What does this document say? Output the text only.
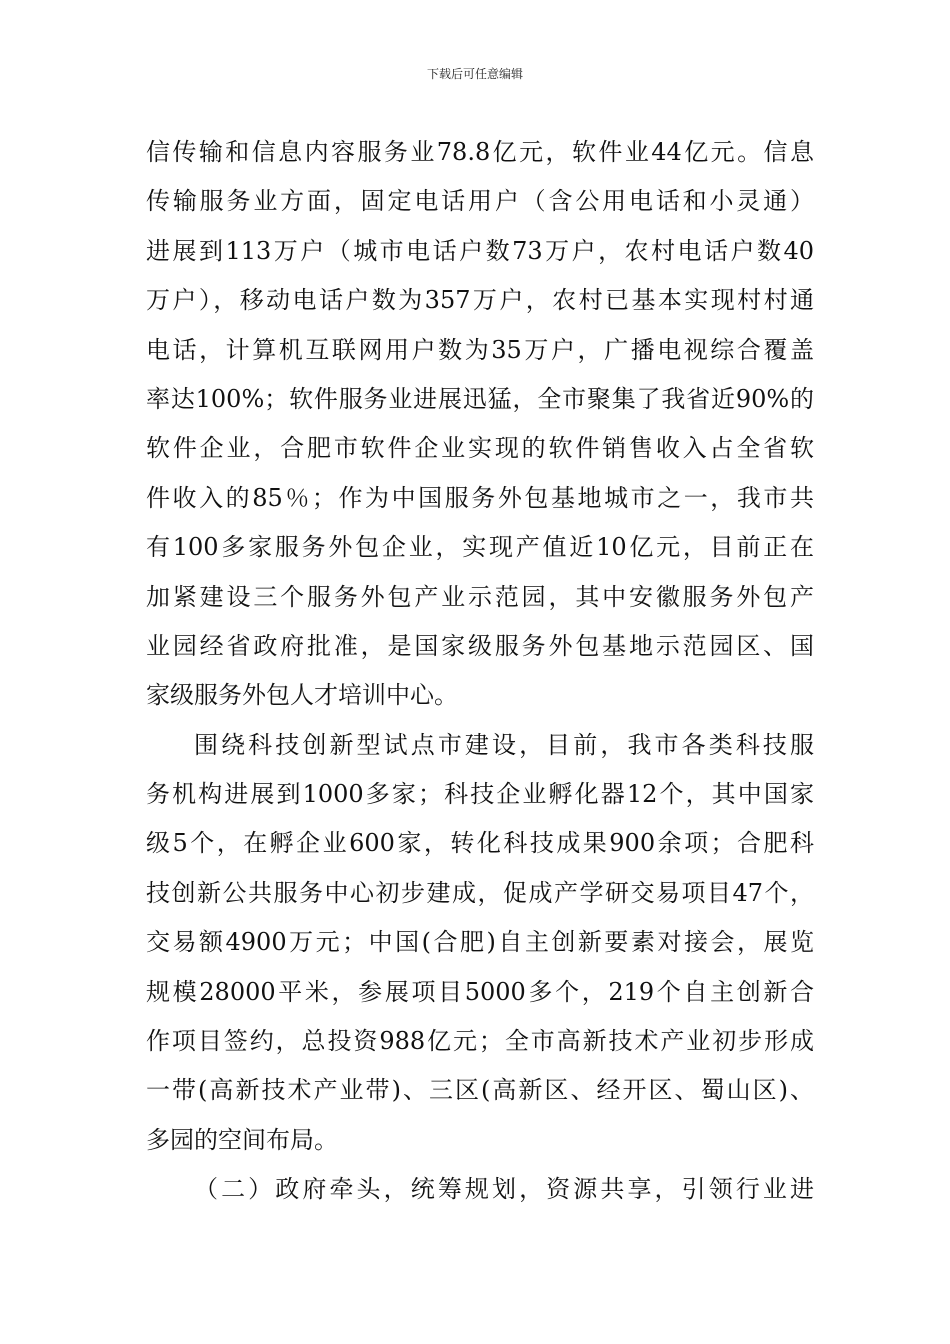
下载后可任意编辑
信传输和信息内容服务业78.8亿元，软件业44亿元。信息
传输服务业方面，固定电话用户（含公用电话和小灵通）
进展到113万户（城市电话户数73万户，农村电话户数40
万户），移动电话户数为357万户，农村已基本实现村村通
电话，计算机互联网用户数为35万户，广播电视综合覆盖
率达100%；软件服务业进展迅猛，全市聚集了我省近90%的
软件企业，合肥市软件企业实现的软件销售收入占全省软
件收入的85％；作为中国服务外包基地城市之一，我市共
有100多家服务外包企业，实现产值近10亿元，目前正在
加紧建设三个服务外包产业示范园，其中安徽服务外包产
业园经省政府批准，是国家级服务外包基地示范园区、国
家级服务外包人才培训中心。
围绕科技创新型试点市建设，目前，我市各类科技服
务机构进展到1000多家；科技企业孵化器12个，其中国家
级5个，在孵企业600家，转化科技成果900余项；合肥科
技创新公共服务中心初步建成，促成产学研交易项目47个，
交易额4900万元；中国(合肥)自主创新要素对接会，展览
规模28000平米，参展项目5000多个，219个自主创新合
作项目签约，总投资988亿元；全市高新技术产业初步形成
一带(高新技术产业带)、三区(高新区、经开区、蜀山区)、
多园的空间布局。
（二）政府牵头，统筹规划，资源共享，引领行业进
